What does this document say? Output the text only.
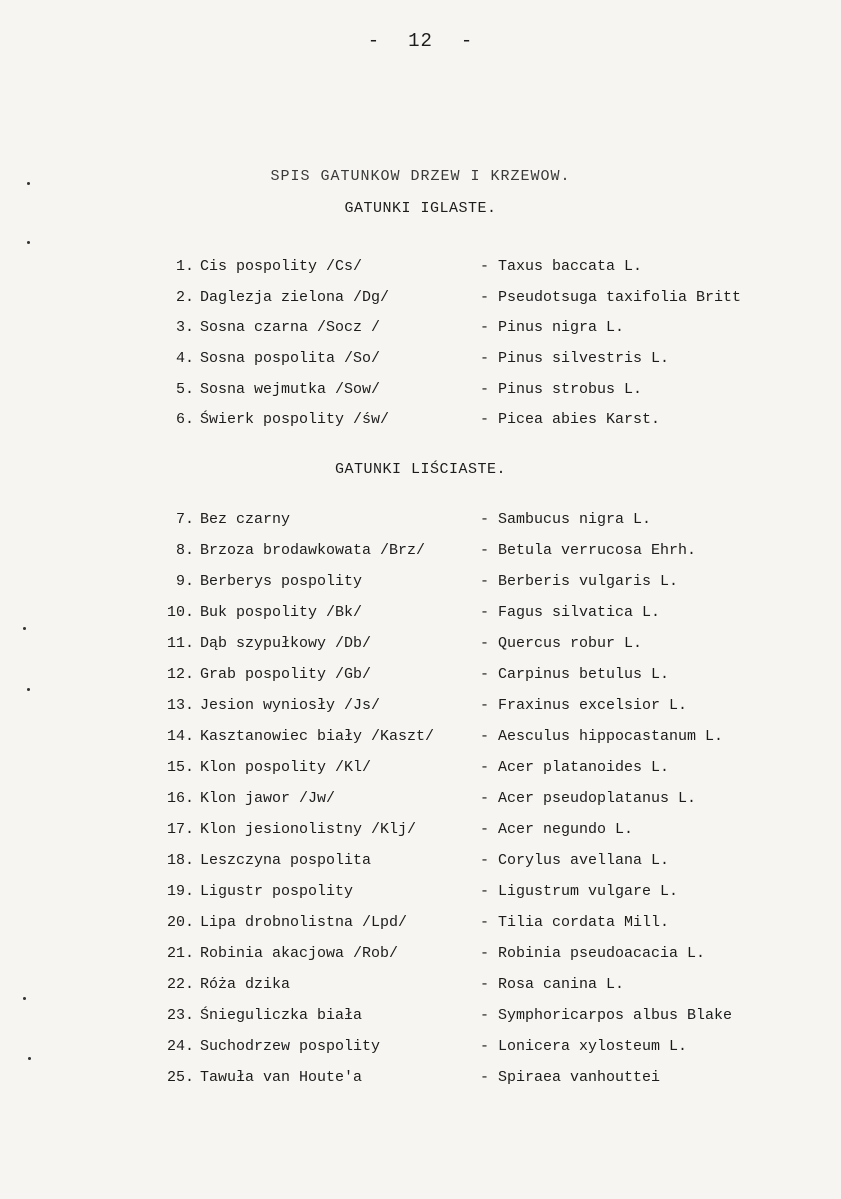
- 12 -
SPIS GATUNKOW DRZEW I KRZEWOW.
GATUNKI IGLASTE.
1. Cis pospolity /Cs/	- Taxus baccata L.
2. Daglezja zielona /Dg/	- Pseudotsuga taxifolia Britt
3. Sosna czarna /Socz /	- Pinus nigra L.
4. Sosna pospolita /So/	- Pinus silvestris L.
5. Sosna wejmutka /Sow/	- Pinus strobus L.
6. Świerk pospolity /św/	- Picea abies Karst.
GATUNKI LIŚCIASTE.
7. Bez czarny	- Sambucus nigra L.
8. Brzoza brodawkowata /Brz/	- Betula verrucosa Ehrh.
9. Berberys pospolity	- Berberis vulgaris L.
10. Buk pospolity /Bk/	- Fagus silvatica L.
11. Dąb szypułkowy /Db/	- Quercus robur L.
12. Grab pospolity /Gb/	- Carpinus betulus L.
13. Jesion wyniosły /Js/	- Fraxinus excelsior L.
14. Kasztanowiec biały /Kaszt/	- Aesculus hippocastanum L.
15. Klon pospolity /Kl/	- Acer platanoides L.
16. Klon jawor /Jw/	- Acer pseudoplatanus L.
17. Klon jesionolistny /Klj/	- Acer negundo L.
18. Leszczyna pospolita	- Corylus avellana L.
19. Ligustr pospolity	- Ligustrum vulgare L.
20. Lipa drobnolistna /Lpd/	- Tilia cordata Mill.
21. Robinia akacjowa /Rob/	- Robinia pseudoacacia L.
22. Róża dzika	- Rosa canina L.
23. Śnieguliczka biała	- Symphoricarpos albus Blake
24. Suchodrzew pospolity	- Lonicera xylosteum L.
25. Tawuła van Houte'a	- Spiraea vanhouttei
